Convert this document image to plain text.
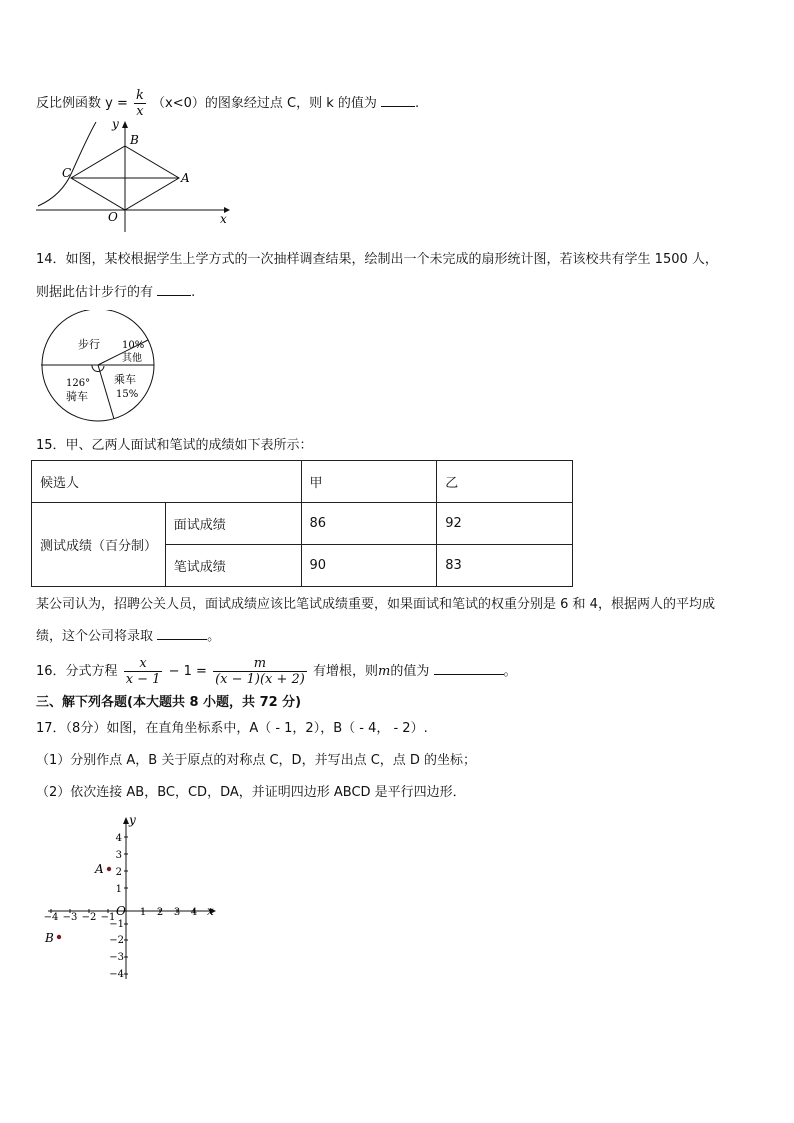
反比例函数 $y = \frac{k}{x} (x<0)$的图象经过点 C，则 k 的值为	.
y
x
O
B
A
C
14．如图，某校根据学生上学方式的一次抽样调查结果，绘制出一个未完成的扇形统计图，若该校共有学生 1500 人，
则据此估计步行的有	.
步行 10%
其他
乘车
15%
126°
骑车
15．甲、乙两人面试和笔试的成绩如下表所示：
候选人		甲	乙
测试成绩（百分制）	面试成绩	86	92
	笔试成绩	90	83
某公司认为，招聘公关人员，面试成绩应该比笔试成绩重要，如果面试和笔试的权重分别是 6 和 4，根据两人的平均成
绩，这个公司将录取	。
16．分式方程 $\frac{x}{x - 1} - 1 = \frac{m}{(x - 1)(x + 2)}$ 有增根，则m的值为	。
三、解下列各题(本大题共 8 小题，共 72 分)
17．（8分）如图，在直角坐标系中，A（ - 1，2），B（ - 4， - 2）.
（1）分别作点 A，B 关于原点的对称点 C，D，并写出点 C，点 D 的坐标；
（2）依次连接 AB，BC，CD，DA，并证明四边形 ABCD 是平行四边形．
y
x
O
−4 −3 −2 −1 1 2 3 4
4
3
2
1
−1
−2
−3
−4
A
B
